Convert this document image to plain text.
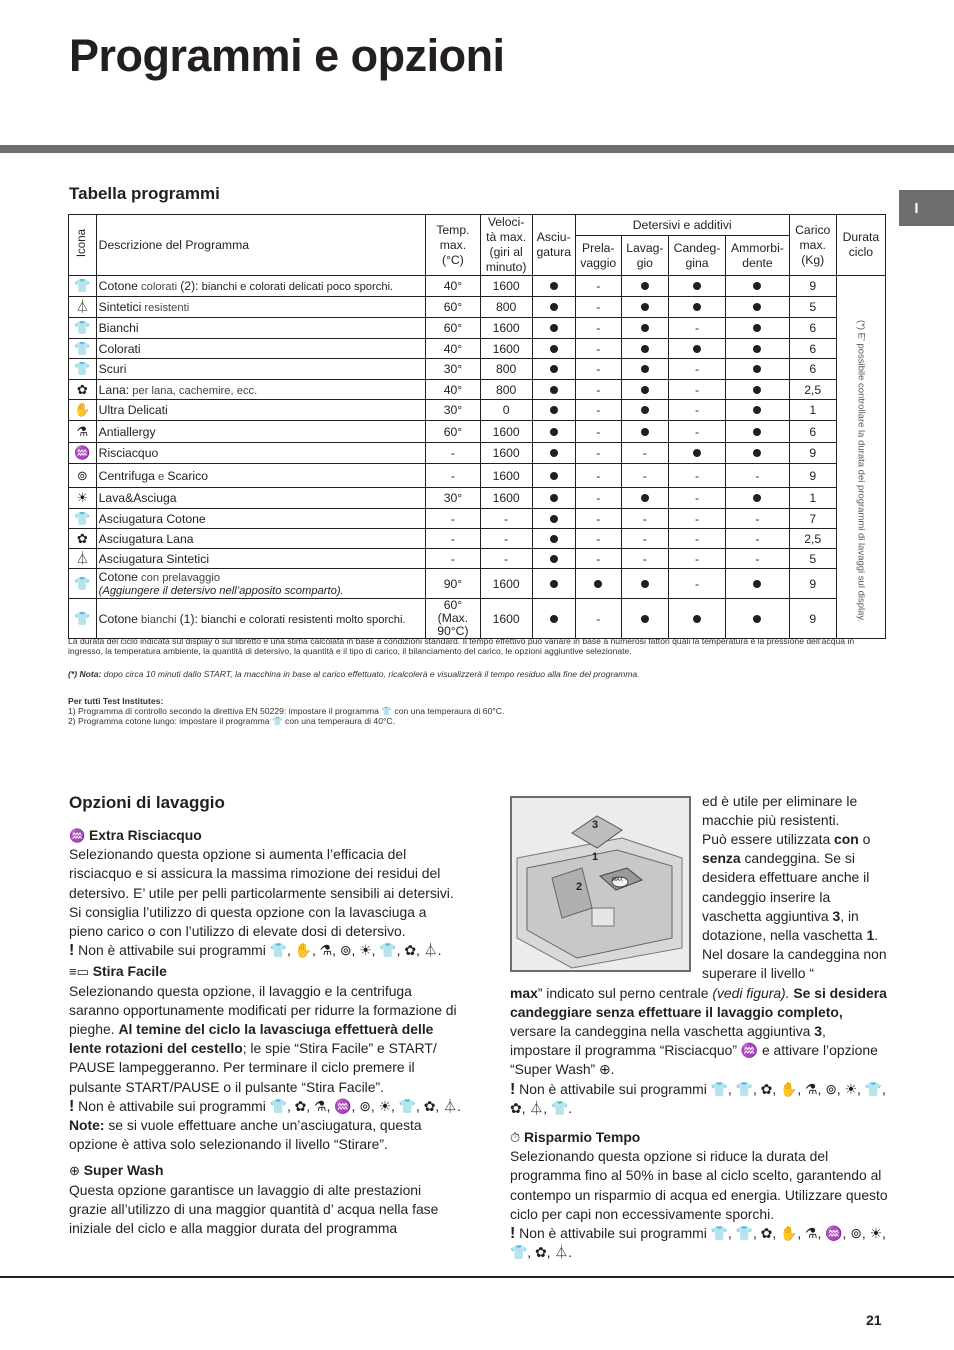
Programmi e opzioni
I
Tabella programmi
Icona	Descrizione del Programma	Temp. max. (°C)	Veloci- tà max. (giri al minuto)	Asciu- gatura	Detersivi e additivi				Carico max. (Kg)	Durata ciclo
					Prela- vaggio	Lavag- gio	Candeg- gina	Ammorbi- dente		
👕	Cotone colorati (2): bianchi e colorati delicati poco sporchi.	40°	1600		-				9	(*) E' possibile controllare la durata dei programmi di lavaggi sul display.
⏃	Sintetici resistenti	60°	800		-				5	
👕	Bianchi	60°	1600		-		-		6	
👕	Colorati	40°	1600		-				6	
👕	Scuri	30°	800		-		-		6	
✿	Lana: per lana, cachemire, ecc.	40°	800		-		-		2,5	
✋	Ultra Delicati	30°	0		-		-		1	
⚗	Antiallergy	60°	1600		-		-		6	
♒	Risciacquo	-	1600		-	-			9	
⊚	Centrifuga e Scarico	-	1600		-	-	-	-	9	
☀	Lava&Asciuga	30°	1600		-		-		1	
👕	Asciugatura Cotone	-	-		-	-	-	-	7	
✿	Asciugatura Lana	-	-		-	-	-	-	2,5	
⏃	Asciugatura Sintetici	-	-		-	-	-	-	5	
👕	Cotone con prelavaggio
(Aggiungere il detersivo nell’apposito scomparto).	90°	1600				-		9	
👕	Cotone bianchi (1): bianchi e colorati resistenti molto sporchi.	60° (Max. 90°C)	1600		-				9	
La durata del ciclo indicata sul display o sul libretto è una stima calcolata in base a condizioni standard. Il tempo effettivo può variare in base a numerosi fattori quali la temperatura e la pressione dell’acqua in ingresso, la temperatura ambiente, la quantità di detersivo, la quantità e il tipo di carico, il bilanciamento del carico, le opzioni aggiuntive selezionate.
(*) Nota: dopo circa 10 minuti dallo START, la macchina in base al carico effettuato, ricalcolerà e visualizzerà il tempo residuo alla fine del programma.
Per tutti Test Institutes:
1) Programma di controllo secondo la direttiva EN 50229: impostare il programma 👕 con una temperaura di 60°C.
2) Programma cotone lungo: impostare il programma 👕 con una temperaura di 40°C.
Opzioni di lavaggio
♒ Extra Risciacquo
Selezionando questa opzione si aumenta l’efficacia del risciacquo e si assicura la massima rimozione dei residui del detersivo. E’ utile per pelli particolarmente sensibili ai detersivi. Si consiglia l’utilizzo di questa opzione con la lavasciuga a pieno carico o con l’utilizzo di elevate dosi di detersivo.
! Non è attivabile sui programmi 👕, ✋, ⚗, ⊚, ☀, 👕, ✿, ⏃.
≡▭ Stira Facile
Selezionando questa opzione, il lavaggio e la centrifuga saranno opportunamente modificati per ridurre la formazione di pieghe. Al temine del ciclo la lavasciuga effettuerà delle lente rotazioni del cestello; le spie “Stira Facile” e START/ PAUSE lampeggeranno. Per terminare il ciclo premere il pulsante START/PAUSE o il pulsante “Stira Facile”.
! Non è attivabile sui programmi 👕, ✿, ⚗, ♒, ⊚, ☀, 👕, ✿, ⏃.
Note: se si vuole effettuare anche un’asciugatura, questa opzione è attiva solo selezionando il livello “Stirare”.
⊕ Super Wash
Questa opzione garantisce un lavaggio di alte prestazioni grazie all’utilizzo di una maggior quantità d’ acqua nella fase iniziale del ciclo e alla maggior durata del programma
3
1
2
MAX
ed è utile per eliminare le macchie più resistenti.
Può essere utilizzata con o senza candeggina. Se si desidera effettuare anche il candeggio inserire la vaschetta aggiuntiva 3, in dotazione, nella vaschetta 1. Nel dosare la candeggina non superare il livello “
max” indicato sul perno centrale (vedi figura). Se si desidera candeggiare senza effettuare il lavaggio completo, versare la candeggina nella vaschetta aggiuntiva 3, impostare il programma “Risciacquo” ♒ e attivare l’opzione “Super Wash” ⊕.
! Non è attivabile sui programmi 👕, 👕, ✿, ✋, ⚗, ⊚, ☀, 👕, ✿, ⏃, 👕.
⏱ Risparmio Tempo
Selezionando questa opzione si riduce la durata del programma fino al 50% in base al ciclo scelto, garantendo al contempo un risparmio di acqua ed energia. Utilizzare questo ciclo per capi non eccessivamente sporchi.
! Non è attivabile sui programmi 👕, 👕, ✿, ✋, ⚗, ♒, ⊚, ☀, 👕, ✿, ⏃.
21
